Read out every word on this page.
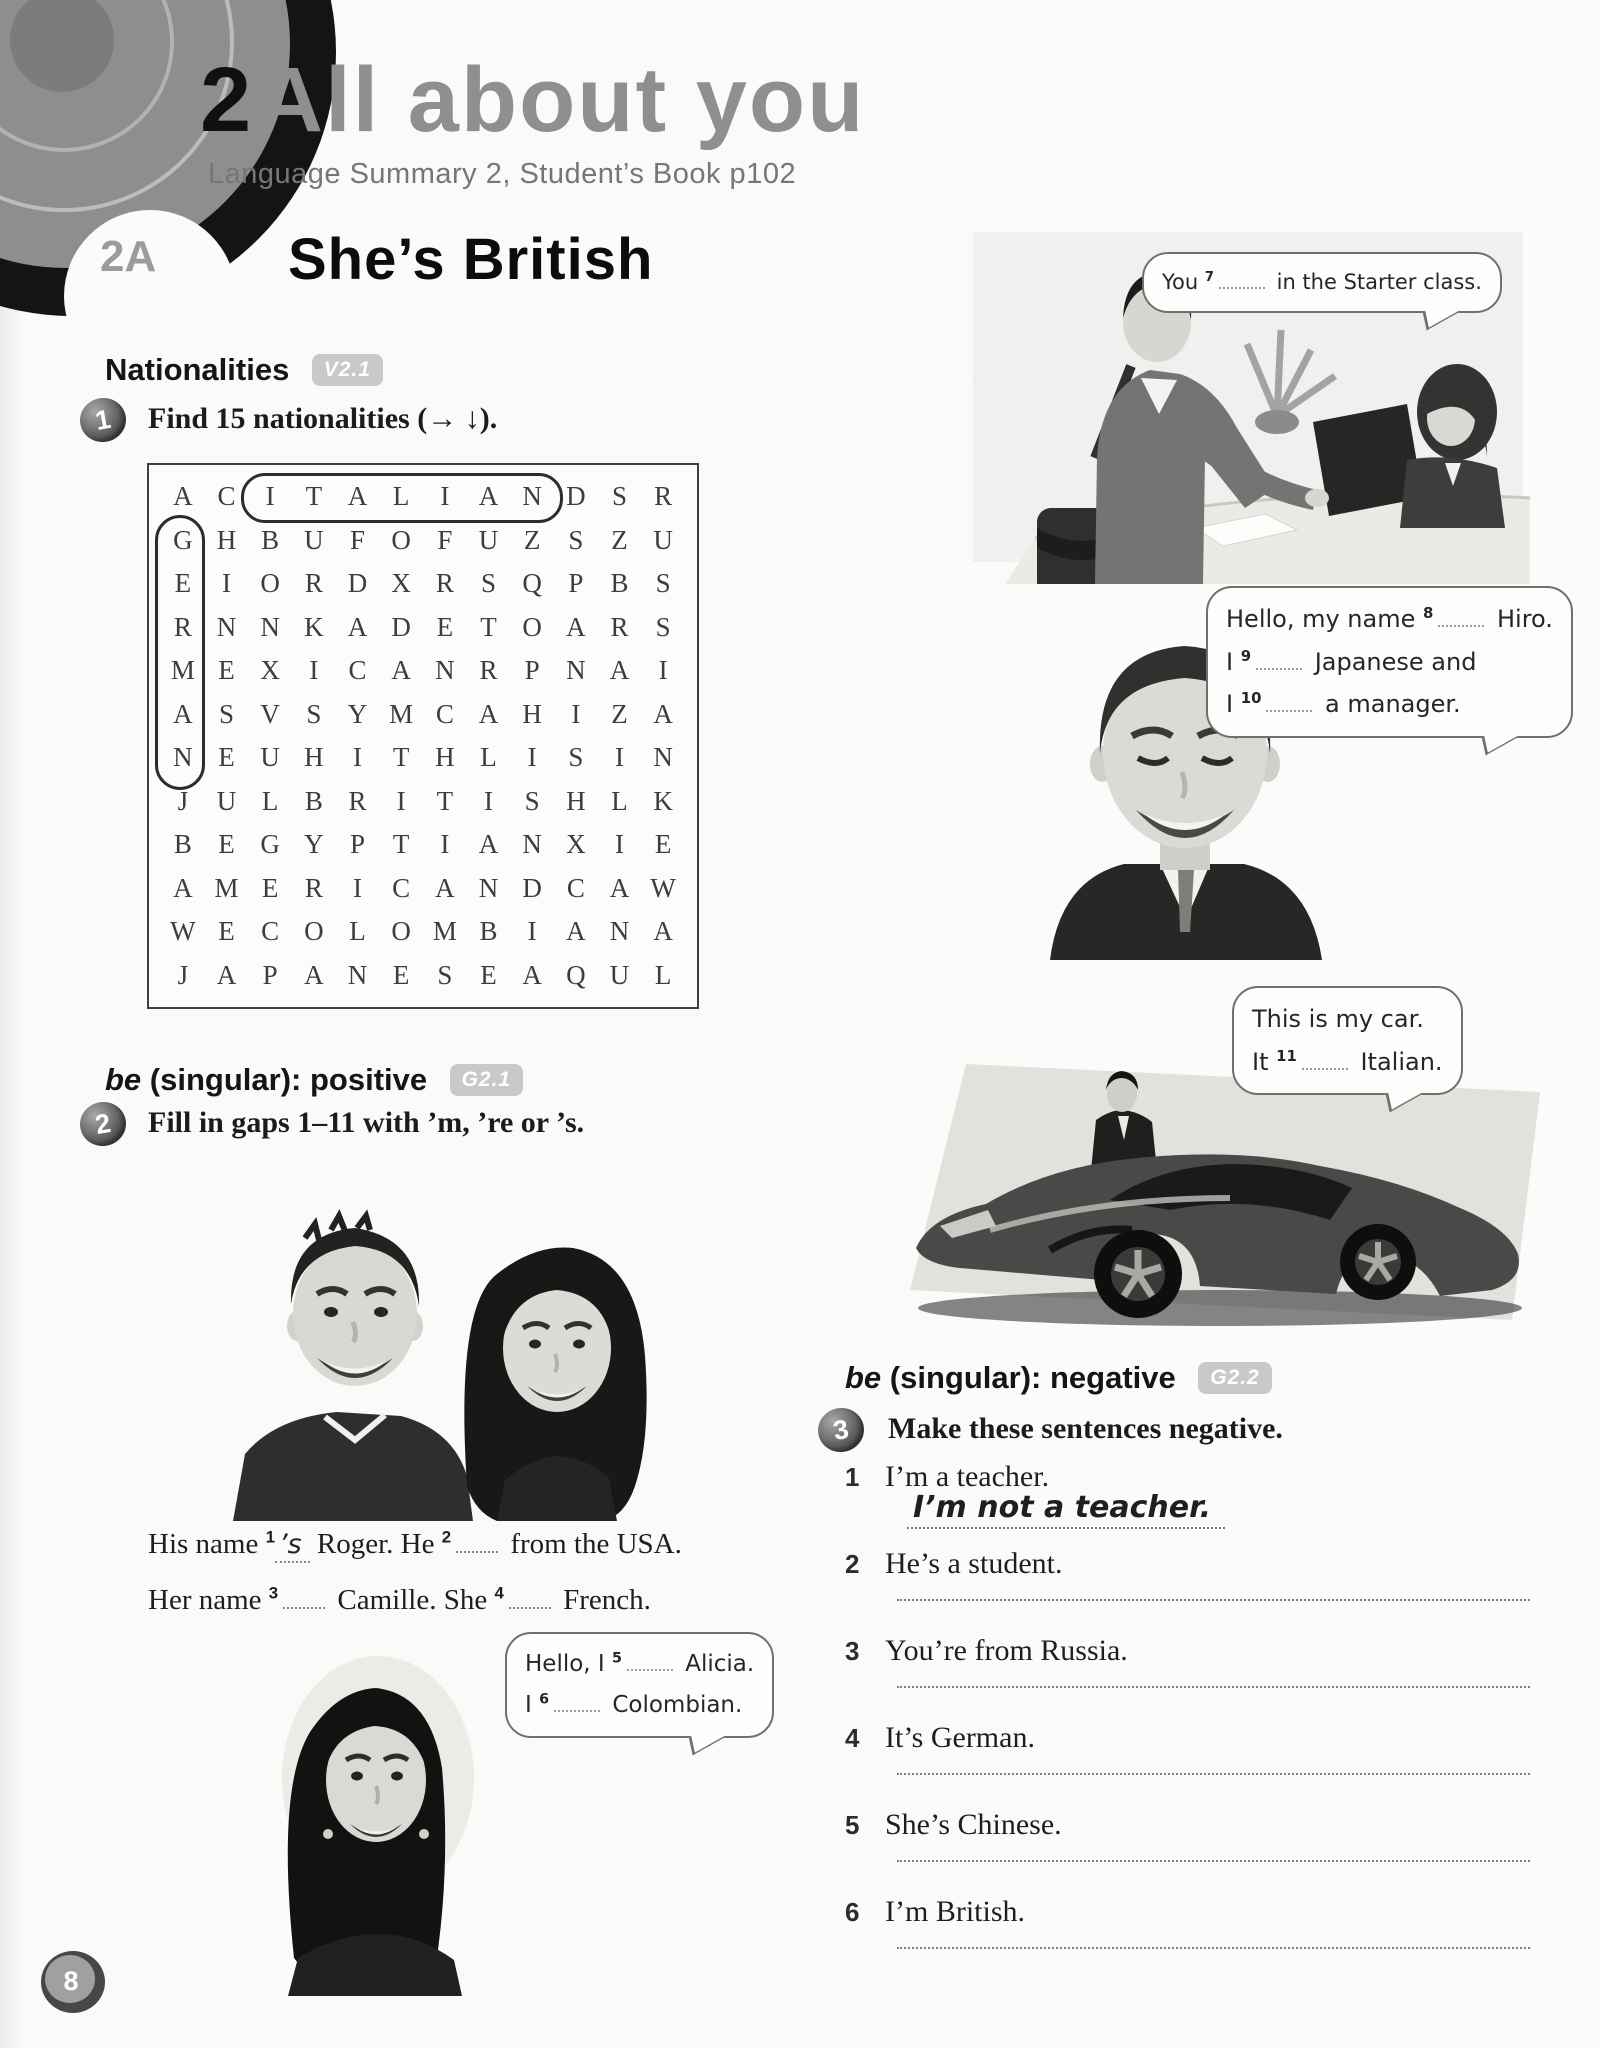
2 All about you
Language Summary 2, Student’s Book p102
2A She’s British
Nationalities V2.1
1	Find 15 nationalities (→ ↓).
A C	I	T A L	I	A N D S	R
G H B U F O F U Z	S	Z U
E	I	O R D X R	S Q P	B	S
R N N K A D E	T O A R	S
M E X	I	C A N R	P N A	I
A S V S Y M C A H	I	Z A
N E U H	I	T H L	I	S	I	N
J	U L B R	I	T	I	S H L K
B E G Y P	T	I	A N X	I	E
A M E R	I	C A N D C A W
W E C O L O M B	I	A N A
J	A P A N E	S	E A Q U L
You $^7$	in the Starter class.
Hello, my name $^8$ Hiro.
I $^9$ Japanese and
I $^{10}$ a manager.
This is my car.
It $^{11}$ Italian.
be (singular): positive G2.1
2	Fill in gaps 1–11 with ’m, ’re or ’s.
His name $^1$ ’s Roger. He $^2$ from the USA.
Her name $^3$ Camille. She $^4$ French.
Hello, I $^5$ Alicia.
I $^6$ Colombian.
be (singular): negative G2.2
3	Make these sentences negative.
1 I’m a teacher.
I’m not a teacher.
2 He’s a student.
3 You’re from Russia.
4 It’s German.
5 She’s Chinese.
6 I’m British.
8
